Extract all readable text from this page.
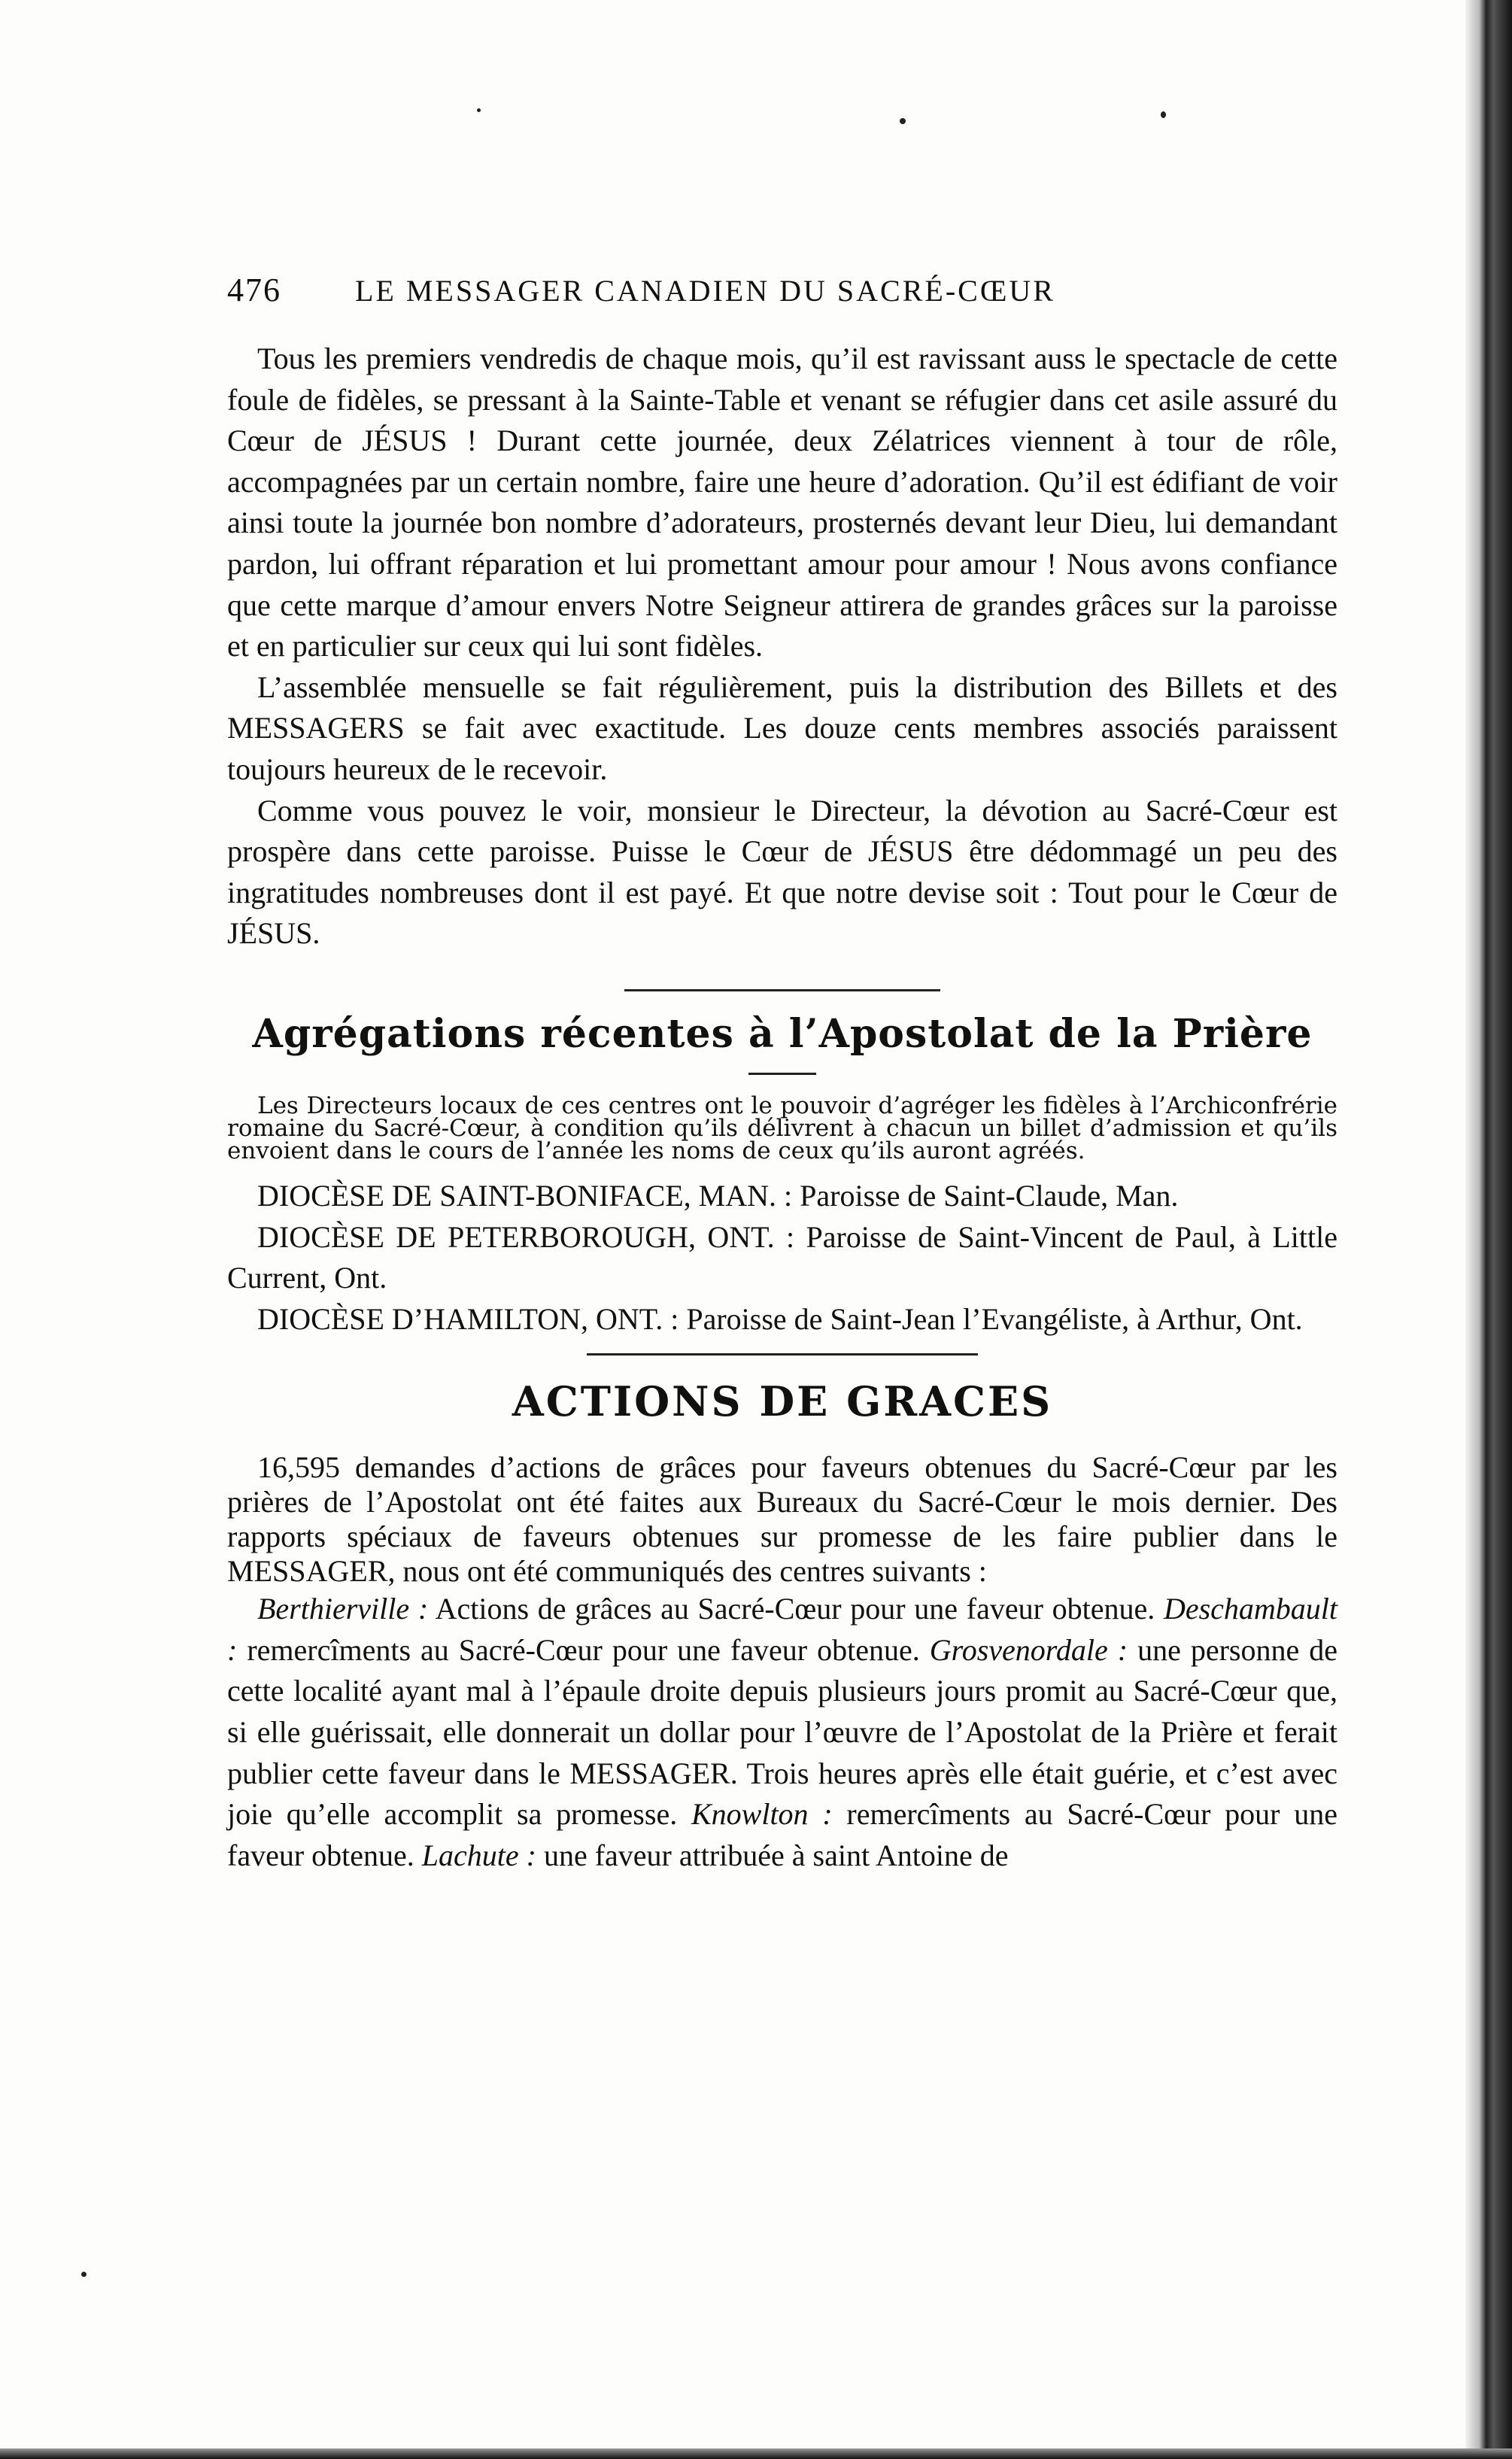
476	LE MESSAGER CANADIEN DU SACRÉ-CŒUR

Tous les premiers vendredis de chaque mois, qu’il est ravissant auss le spectacle de cette foule de fidèles, se pressant à la Sainte-Table et venant se réfugier dans cet asile assuré du Cœur de JÉSUS ! Durant cette journée, deux Zélatrices viennent à tour de rôle, accompagnées par un certain nombre, faire une heure d’adoration. Qu’il est édifiant de voir ainsi toute la journée bon nombre d’adorateurs, prosternés devant leur Dieu, lui demandant pardon, lui offrant réparation et lui promettant amour pour amour ! Nous avons confiance que cette marque d’amour envers Notre Seigneur attirera de grandes grâces sur la paroisse et en particulier sur ceux qui lui sont fidèles.

L’assemblée mensuelle se fait régulièrement, puis la distribution des Billets et des MESSAGERS se fait avec exactitude. Les douze cents membres associés paraissent toujours heureux de le recevoir.

Comme vous pouvez le voir, monsieur le Directeur, la dévotion au Sacré-Cœur est prospère dans cette paroisse. Puisse le Cœur de JÉSUS être dédommagé un peu des ingratitudes nombreuses dont il est payé. Et que notre devise soit : Tout pour le Cœur de JÉSUS.

Agrégations récentes à l’Apostolat de la Prière

Les Directeurs locaux de ces centres ont le pouvoir d’agréger les fidèles à l’Archiconfrérie romaine du Sacré-Cœur, à condition qu’ils délivrent à chacun un billet d’admission et qu’ils envoient dans le cours de l’année les noms de ceux qu’ils auront agréés.

DIOCÈSE DE SAINT-BONIFACE, MAN. : Paroisse de Saint-Claude, Man.

DIOCÈSE DE PETERBOROUGH, ONT. : Paroisse de Saint-Vincent de Paul, à Little Current, Ont.

DIOCÈSE D’HAMILTON, ONT. : Paroisse de Saint-Jean l’Evangéliste, à Arthur, Ont.

ACTIONS DE GRACES

16,595 demandes d’actions de grâces pour faveurs obtenues du Sacré-Cœur par les prières de l’Apostolat ont été faites aux Bureaux du Sacré-Cœur le mois dernier. Des rapports spéciaux de faveurs obtenues sur promesse de les faire publier dans le MESSAGER, nous ont été communiqués des centres suivants :

Berthierville : Actions de grâces au Sacré-Cœur pour une faveur obtenue. Deschambault : remercîments au Sacré-Cœur pour une faveur obtenue. Grosvenordale : une personne de cette localité ayant mal à l’épaule droite depuis plusieurs jours promit au Sacré-Cœur que, si elle guérissait, elle donnerait un dollar pour l’œuvre de l’Apostolat de la Prière et ferait publier cette faveur dans le MESSAGER. Trois heures après elle était guérie, et c’est avec joie qu’elle accomplit sa promesse. Knowlton : remercîments au Sacré-Cœur pour une faveur obtenue. Lachute : une faveur attribuée à saint Antoine de
